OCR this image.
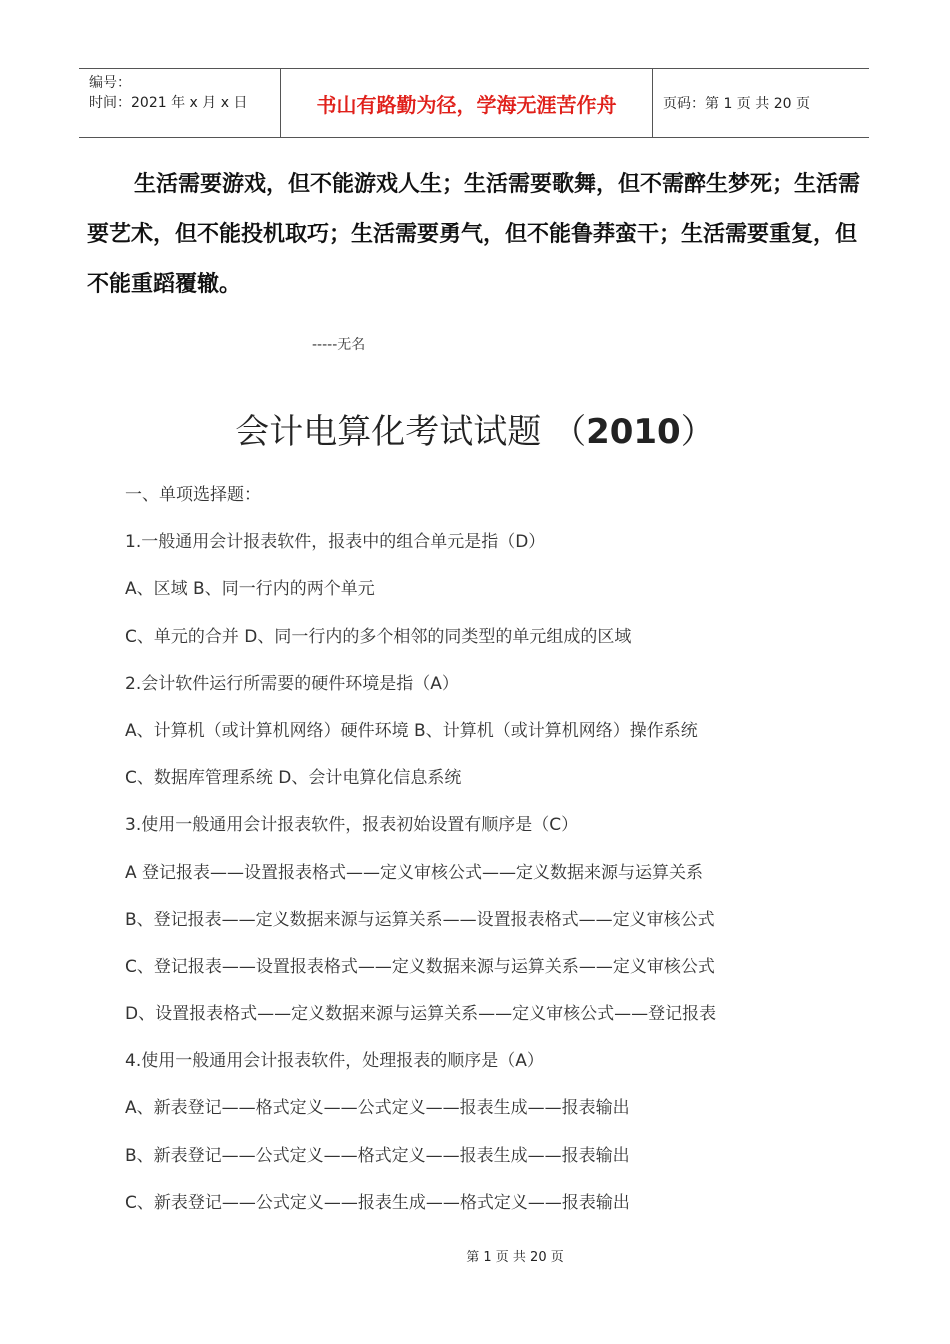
编号：
时间：2021 年 x 月 x 日	书山有路勤为径，学海无涯苦作舟	页码：第 1 页 共 20 页
生活需要游戏，但不能游戏人生；生活需要歌舞，但不需醉生梦死；生活需要艺术，但不能投机取巧；生活需要勇气，但不能鲁莽蛮干；生活需要重复，但不能重蹈覆辙。
-----无名
会计电算化考试试题 （2010）
一、单项选择题：
1.一般通用会计报表软件，报表中的组合单元是指（D）
A、区域 B、同一行内的两个单元
C、单元的合并 D、同一行内的多个相邻的同类型的单元组成的区域
2.会计软件运行所需要的硬件环境是指（A）
A、计算机（或计算机网络）硬件环境 B、计算机（或计算机网络）操作系统
C、数据库管理系统 D、会计电算化信息系统
3.使用一般通用会计报表软件，报表初始设置有顺序是（C）
A 登记报表——设置报表格式——定义审核公式——定义数据来源与运算关系
B、登记报表——定义数据来源与运算关系——设置报表格式——定义审核公式
C、登记报表——设置报表格式——定义数据来源与运算关系——定义审核公式
D、设置报表格式——定义数据来源与运算关系——定义审核公式——登记报表
4.使用一般通用会计报表软件，处理报表的顺序是（A）
A、新表登记——格式定义——公式定义——报表生成——报表输出
B、新表登记——公式定义——格式定义——报表生成——报表输出
C、新表登记——公式定义——报表生成——格式定义——报表输出
第 1 页 共 20 页
